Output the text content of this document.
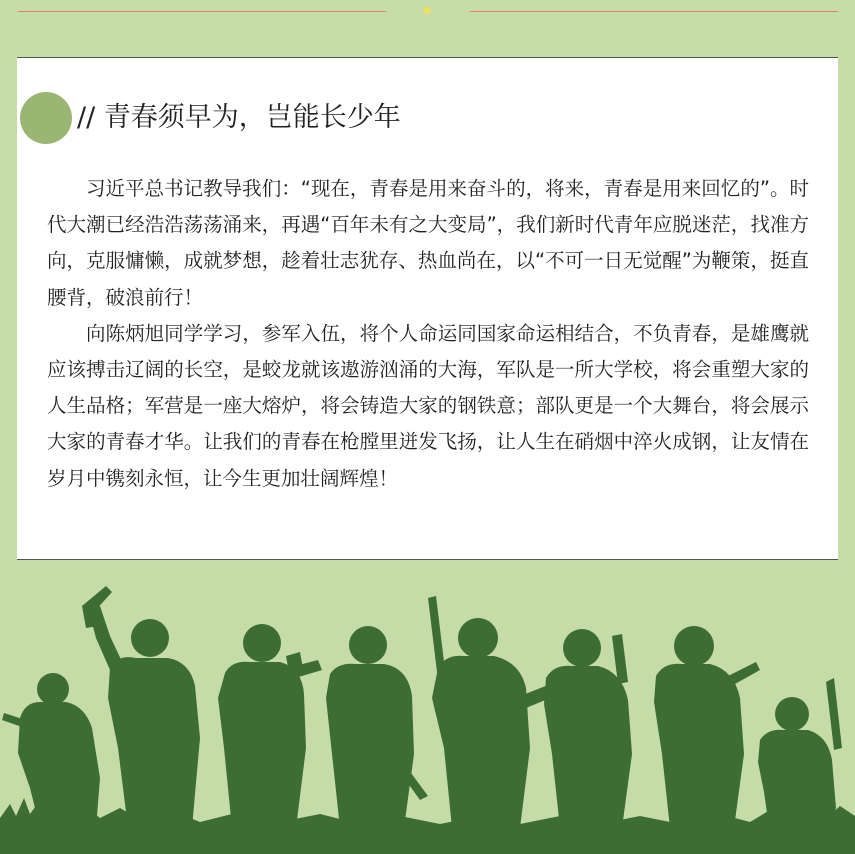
★
// 青春须早为，岂能长少年

习近平总书记教导我们：“现在，青春是用来奋斗的，将来，青春是用来回忆的”。时代大潮已经浩浩荡荡涌来，再遇“百年未有之大变局”，我们新时代青年应脱迷茫，找准方向，克服慵懒，成就梦想，趁着壮志犹存、热血尚在，以“不可一日无觉醒”为鞭策，挺直腰背，破浪前行！

向陈炳旭同学学习，参军入伍，将个人命运同国家命运相结合，不负青春，是雄鹰就应该搏击辽阔的长空，是蛟龙就该遨游汹涌的大海，军队是一所大学校，将会重塑大家的人生品格；军营是一座大熔炉，将会铸造大家的钢铁意；部队更是一个大舞台，将会展示大家的青春才华。让我们的青春在枪膛里迸发飞扬，让人生在硝烟中淬火成钢，让友情在岁月中镌刻永恒，让今生更加壮阔辉煌！
